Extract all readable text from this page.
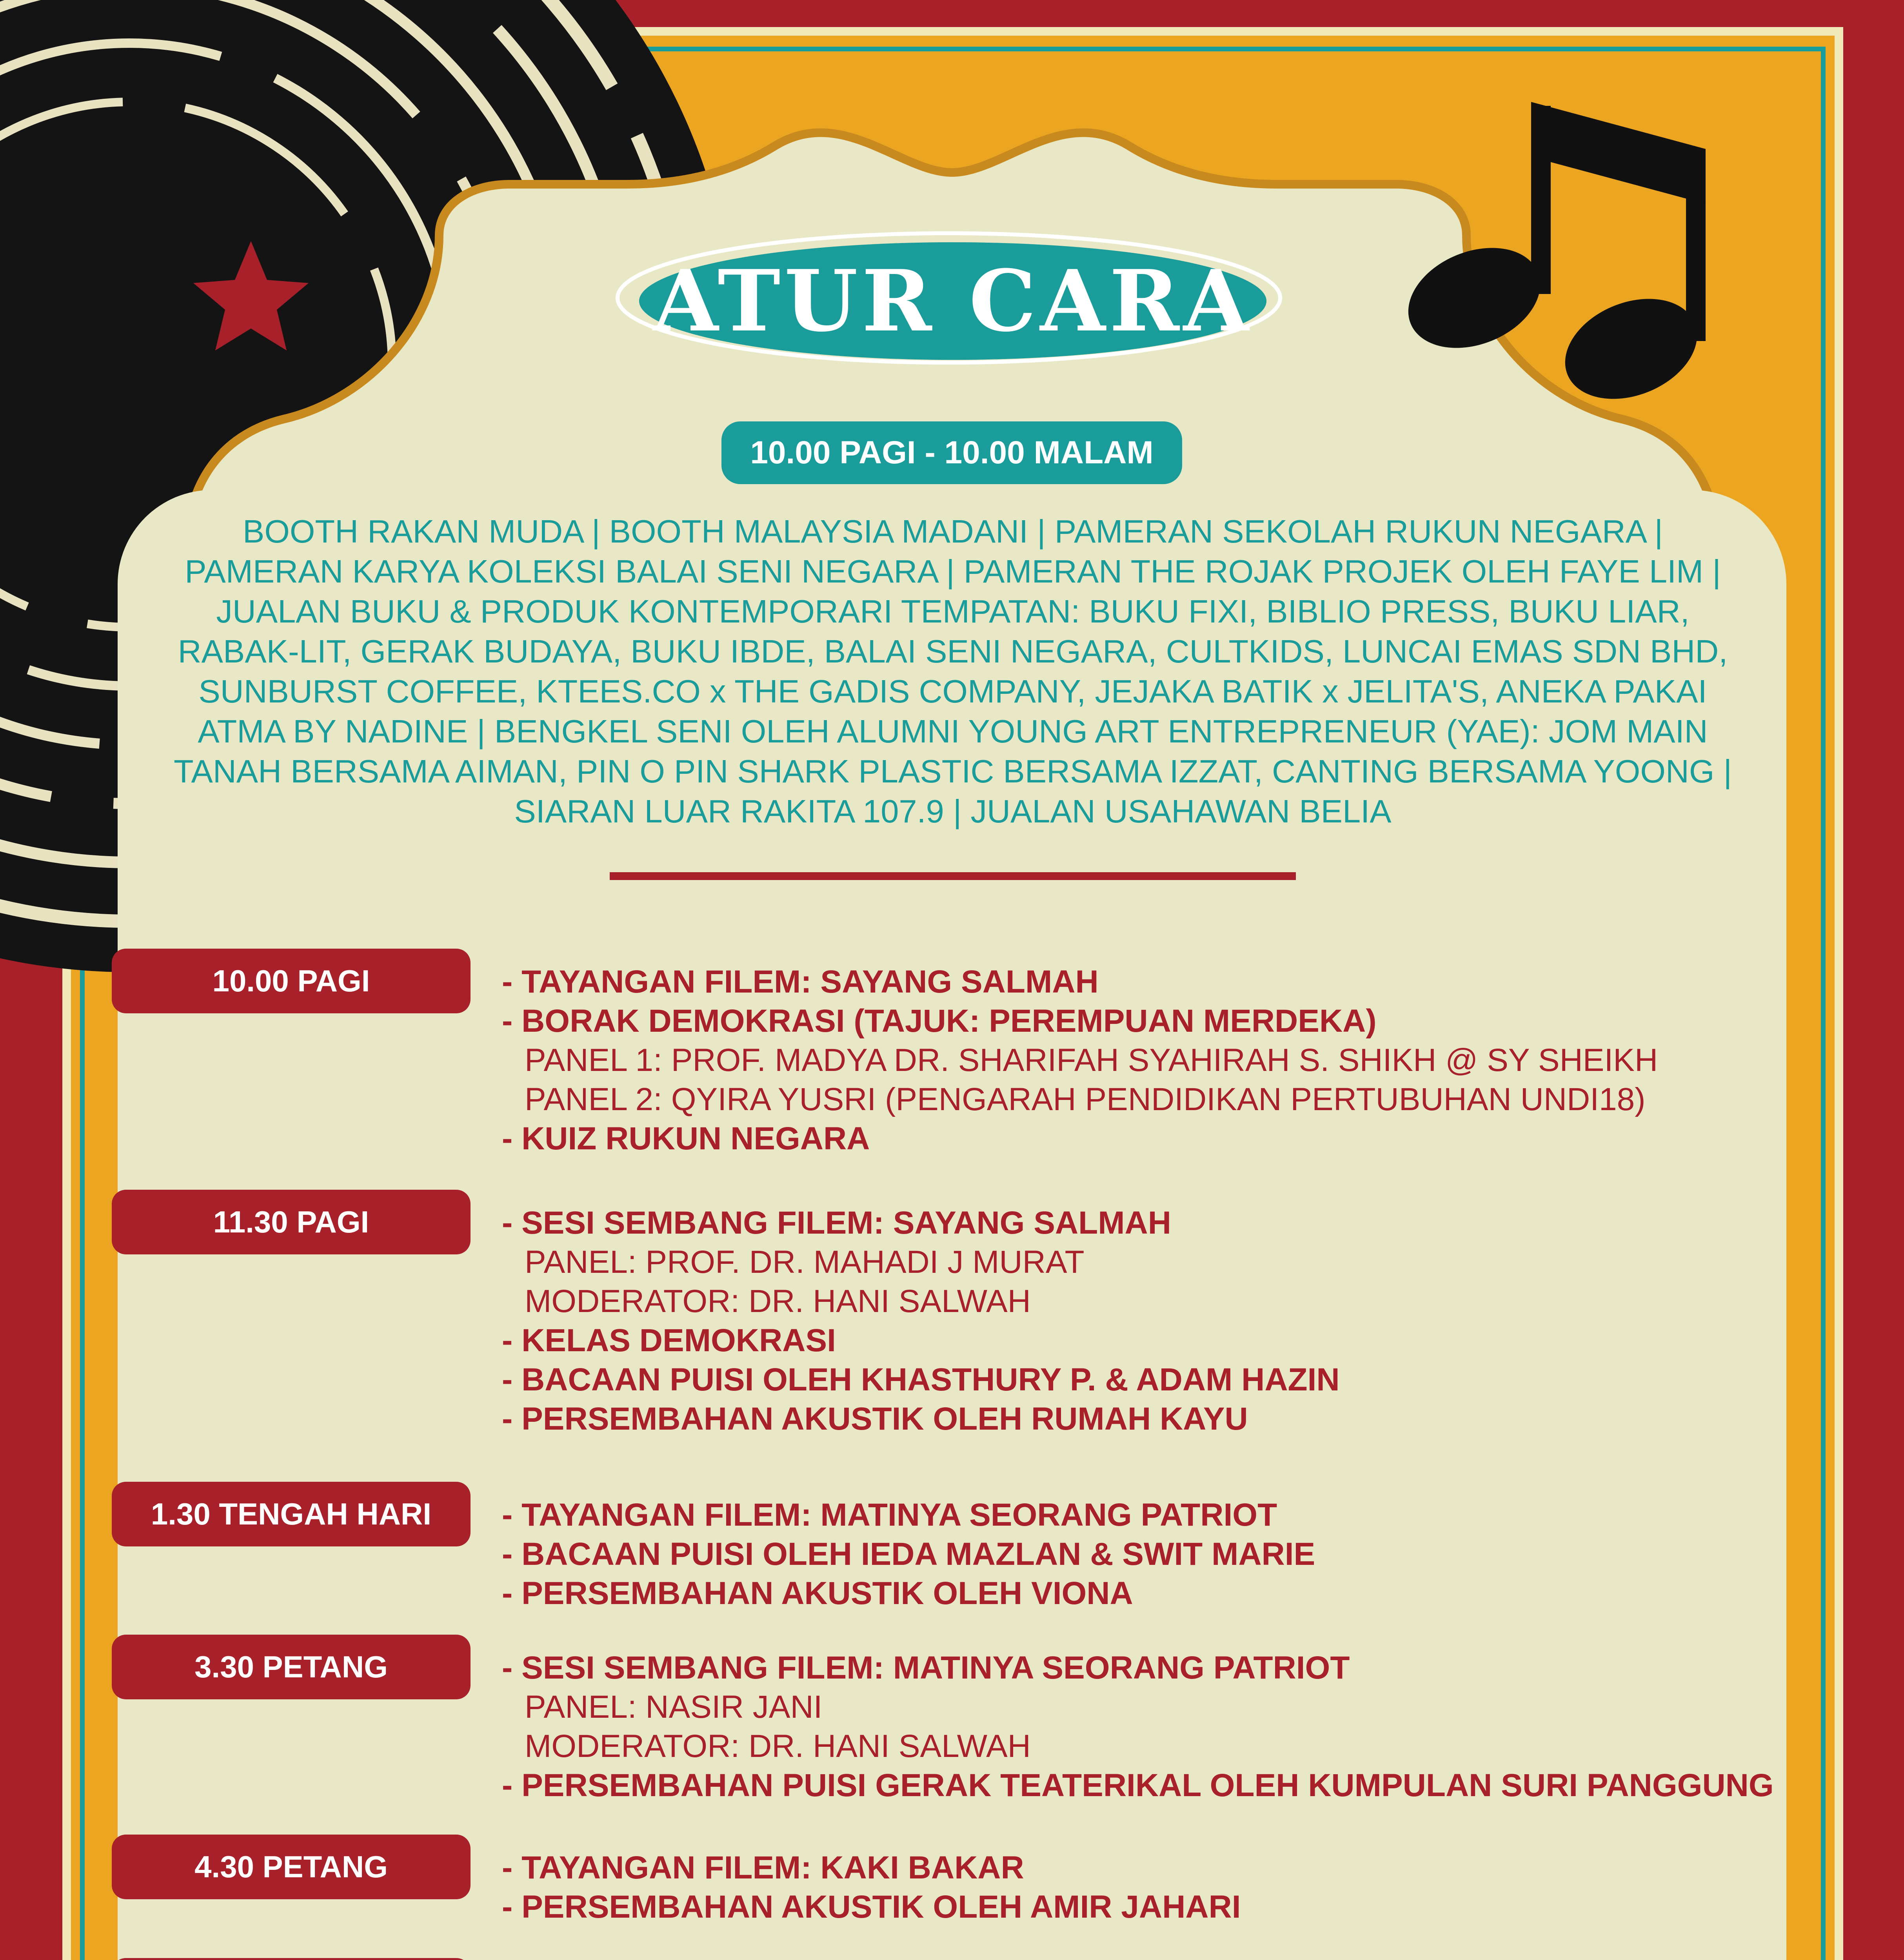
ATUR CARA
10.00 PAGI - 10.00 MALAM
BOOTH RAKAN MUDA | BOOTH MALAYSIA MADANI | PAMERAN SEKOLAH RUKUN NEGARA |
PAMERAN KARYA KOLEKSI BALAI SENI NEGARA | PAMERAN THE ROJAK PROJEK OLEH FAYE LIM |
JUALAN BUKU & PRODUK KONTEMPORARI TEMPATAN: BUKU FIXI, BIBLIO PRESS, BUKU LIAR,
RABAK-LIT, GERAK BUDAYA, BUKU IBDE, BALAI SENI NEGARA, CULTKIDS, LUNCAI EMAS SDN BHD,
SUNBURST COFFEE, KTEES.CO x THE GADIS COMPANY, JEJAKA BATIK x JELITA'S, ANEKA PAKAI
ATMA BY NADINE | BENGKEL SENI OLEH ALUMNI YOUNG ART ENTREPRENEUR (YAE): JOM MAIN
TANAH BERSAMA AIMAN, PIN O PIN SHARK PLASTIC BERSAMA IZZAT, CANTING BERSAMA YOONG |
SIARAN LUAR RAKITA 107.9 | JUALAN USAHAWAN BELIA
10.00 PAGI	- TAYANGAN FILEM: SAYANG SALMAH
- BORAK DEMOKRASI (TAJUK: PEREMPUAN MERDEKA)
PANEL 1: PROF. MADYA DR. SHARIFAH SYAHIRAH S. SHIKH @ SY SHEIKH
PANEL 2: QYIRA YUSRI (PENGARAH PENDIDIKAN PERTUBUHAN UNDI18)
- KUIZ RUKUN NEGARA
11.30 PAGI	- SESI SEMBANG FILEM: SAYANG SALMAH
PANEL: PROF. DR. MAHADI J MURAT
MODERATOR: DR. HANI SALWAH
- KELAS DEMOKRASI
- BACAAN PUISI OLEH KHASTHURY P. & ADAM HAZIN
- PERSEMBAHAN AKUSTIK OLEH RUMAH KAYU
1.30 TENGAH HARI	- TAYANGAN FILEM: MATINYA SEORANG PATRIOT
- BACAAN PUISI OLEH IEDA MAZLAN & SWIT MARIE
- PERSEMBAHAN AKUSTIK OLEH VIONA
3.30 PETANG	- SESI SEMBANG FILEM: MATINYA SEORANG PATRIOT
PANEL: NASIR JANI
MODERATOR: DR. HANI SALWAH
- PERSEMBAHAN PUISI GERAK TEATERIKAL OLEH KUMPULAN SURI PANGGUNG
4.30 PETANG	- TAYANGAN FILEM: KAKI BAKAR
- PERSEMBAHAN AKUSTIK OLEH AMIR JAHARI
